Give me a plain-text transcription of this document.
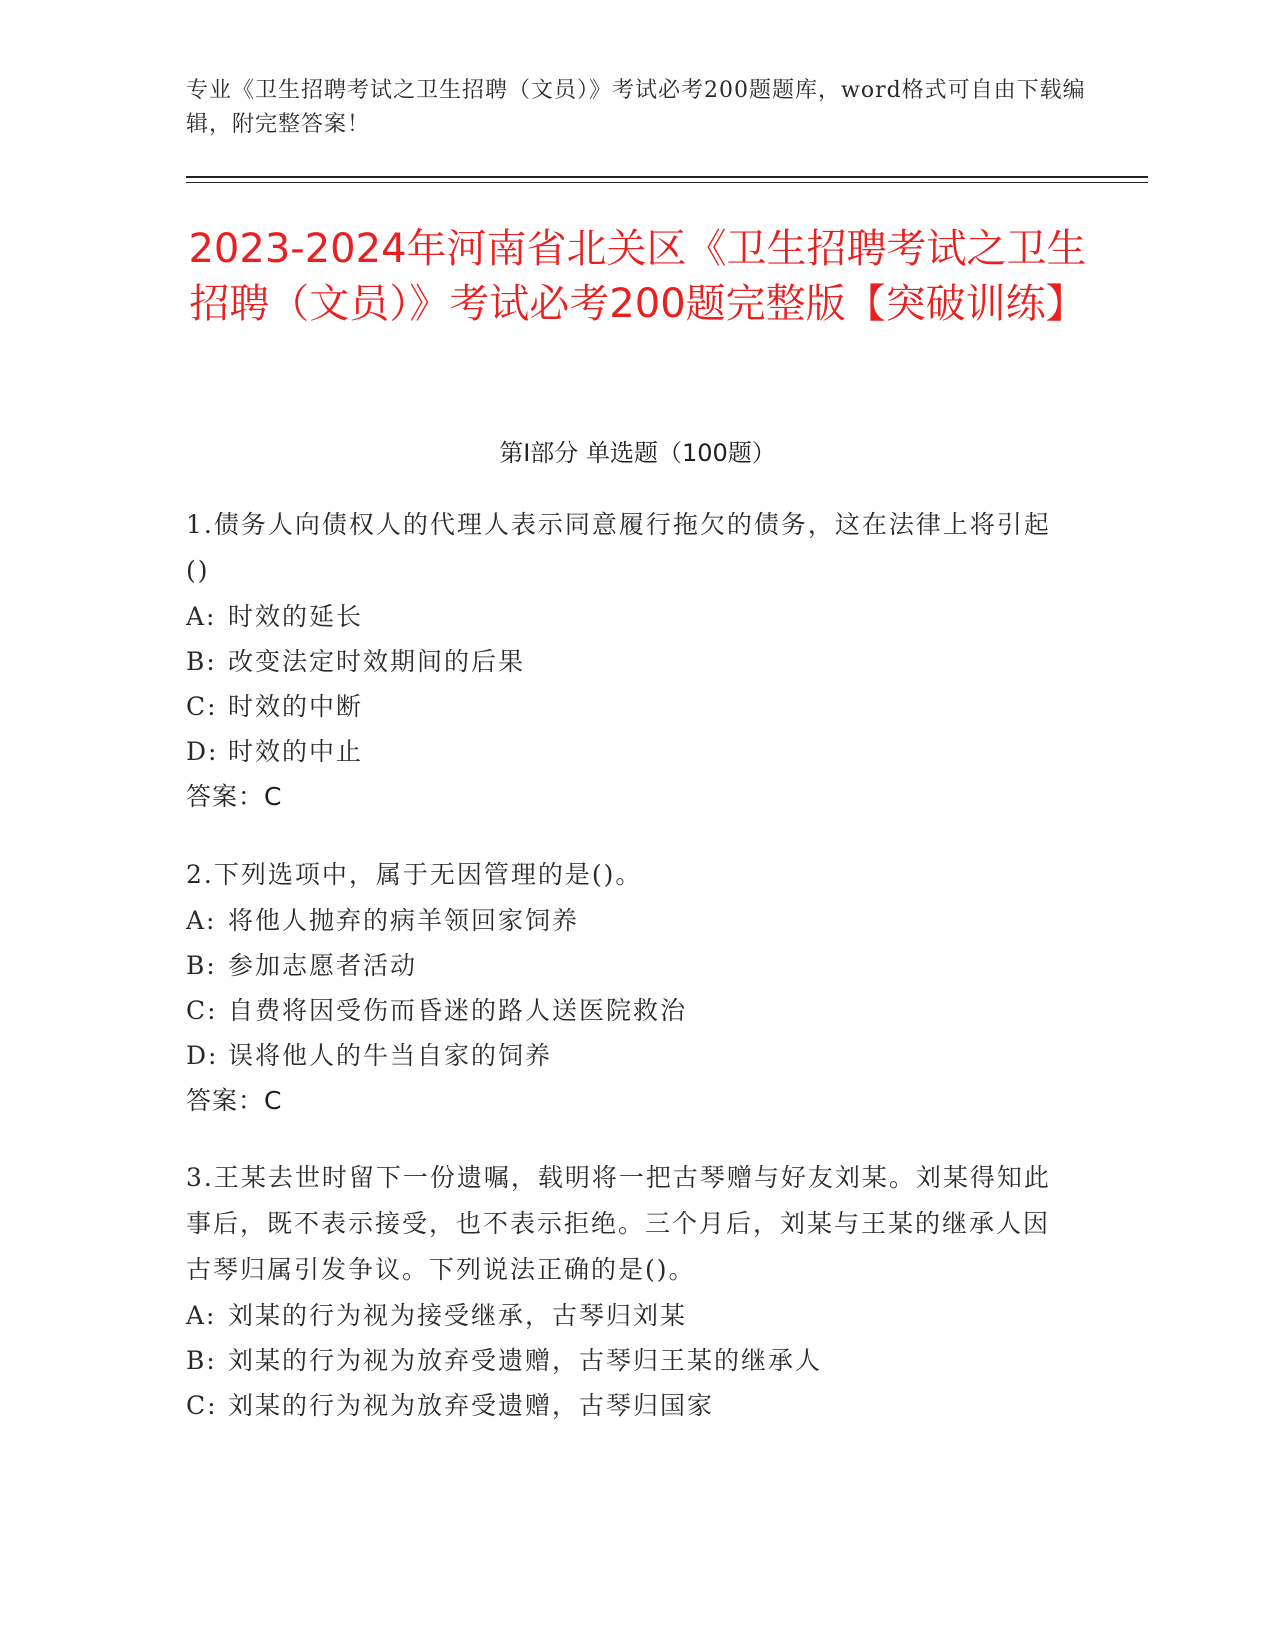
专业《卫生招聘考试之卫生招聘（文员）》考试必考200题题库，word格式可自由下载编辑，附完整答案！
2023-2024年河南省北关区《卫生招聘考试之卫生招聘（文员）》考试必考200题完整版【突破训练】
第I部分 单选题（100题）
1.债务人向债权人的代理人表示同意履行拖欠的债务，这在法律上将引起()
A: 时效的延长
B: 改变法定时效期间的后果
C: 时效的中断
D: 时效的中止
答案：C
2.下列选项中，属于无因管理的是()。
A: 将他人抛弃的病羊领回家饲养
B: 参加志愿者活动
C: 自费将因受伤而昏迷的路人送医院救治
D: 误将他人的牛当自家的饲养
答案：C
3.王某去世时留下一份遗嘱，载明将一把古琴赠与好友刘某。刘某得知此事后，既不表示接受，也不表示拒绝。三个月后，刘某与王某的继承人因古琴归属引发争议。下列说法正确的是()。
A: 刘某的行为视为接受继承，古琴归刘某
B: 刘某的行为视为放弃受遗赠，古琴归王某的继承人
C: 刘某的行为视为放弃受遗赠，古琴归国家
